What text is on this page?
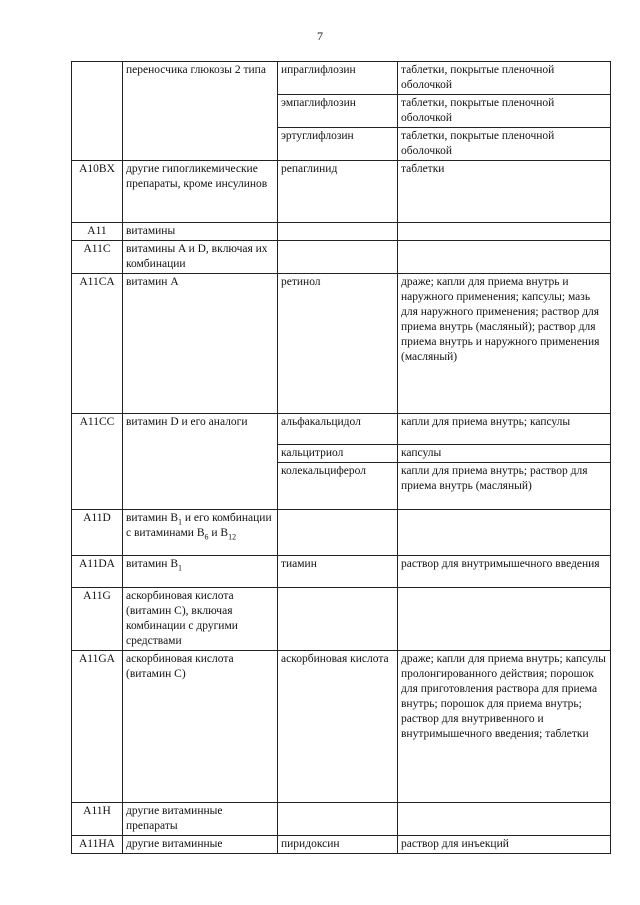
7
	переносчика глюкозы 2 типа	ипраглифлозин	таблетки, покрытые пленочной оболочкой
		эмпаглифлозин	таблетки, покрытые пленочной оболочкой
		эртуглифлозин	таблетки, покрытые пленочной оболочкой
A10BX	другие гипогликемические препараты, кроме инсулинов	репаглинид	таблетки
A11	витамины		
A11C	витамины A и D, включая их комбинации		
A11CA	витамин A	ретинол	драже; капли для приема внутрь и наружного применения; капсулы; мазь для наружного применения; раствор для приема внутрь (масляный); раствор для приема внутрь и наружного применения (масляный)
A11CC	витамин D и его аналоги	альфакальцидол	капли для приема внутрь; капсулы
		кальцитриол	капсулы
		колекальциферол	капли для приема внутрь; раствор для приема внутрь (масляный)
A11D	витамин $B_1$ и его комбинации с витаминами $B_6$ и $B_{12}$		
A11DA	витамин $B_1$	тиамин	раствор для внутримышечного введения
A11G	аскорбиновая кислота (витамин C), включая комбинации с другими средствами		
A11GA	аскорбиновая кислота (витамин C)	аскорбиновая кислота	драже; капли для приема внутрь; капсулы пролонгированного действия; порошок для приготовления раствора для приема внутрь; порошок для приема внутрь; раствор для внутривенного и внутримышечного введения; таблетки
A11H	другие витаминные препараты		
A11HA	другие витаминные	пиридоксин	раствор для инъекций
